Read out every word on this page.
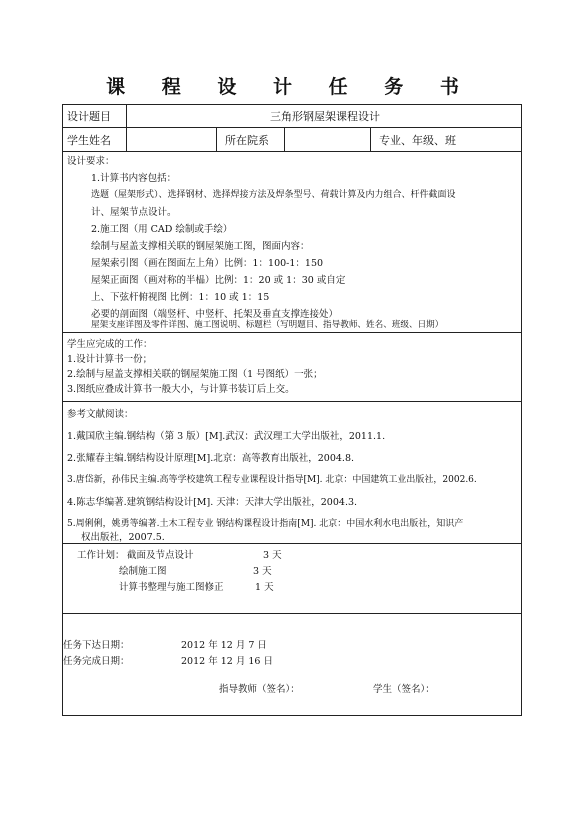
课 程 设 计 任 务 书
设计题目	三角形钢屋架课程设计
学生姓名	所在院系	专业、年级、班
设计要求：
1.计算书内容包括：
选题（屋架形式）、选择钢材、选择焊接方法及焊条型号、荷载计算及内力组合、杆件截面设
计、屋架节点设计。
2.施工图（用 CAD 绘制或手绘）
绘制与屋盖支撑相关联的钢屋架施工图，图面内容：
屋架索引图（画在图面左上角）比例：1：100-1：150
屋架正面图（画对称的半榀）比例：1：20 或 1：30 或自定
上、下弦杆俯视图 比例：1：10 或 1：15
必要的剖面图（端竖杆、中竖杆、托架及垂直支撑连接处）
屋架支座详图及零件详图、施工图说明、标题栏（写明题目、指导教师、姓名、班级、日期）
学生应完成的工作：
1.设计计算书一份；
2.绘制与屋盖支撑相关联的钢屋架施工图（1 号图纸）一张；
3.图纸应叠成计算书一般大小，与计算书装订后上交。
参考文献阅读：
1.戴国欣主编.钢结构（第 3 版）[M].武汉：武汉理工大学出版社，2011.1.
2.张耀春主编.钢结构设计原理[M].北京：高等教育出版社，2004.8.
3.唐岱新，孙伟民主编.高等学校建筑工程专业课程设计指导[M]. 北京：中国建筑工业出版社，2002.6.
4.陈志华编著.建筑钢结构设计[M]. 天津：天津大学出版社，2004.3.
5.周俐俐，姚勇等编著.土木工程专业 钢结构课程设计指南[M]. 北京：中国水利水电出版社，知识产
权出版社，2007.5.
工作计划： 截面及节点设计	3 天
绘制施工图	3 天
计算书整理与施工图修正	1 天
任务下达日期：	2012 年 12 月 7 日
任务完成日期：	2012 年 12 月 16 日
指导教师（签名）：	学生（签名）：
